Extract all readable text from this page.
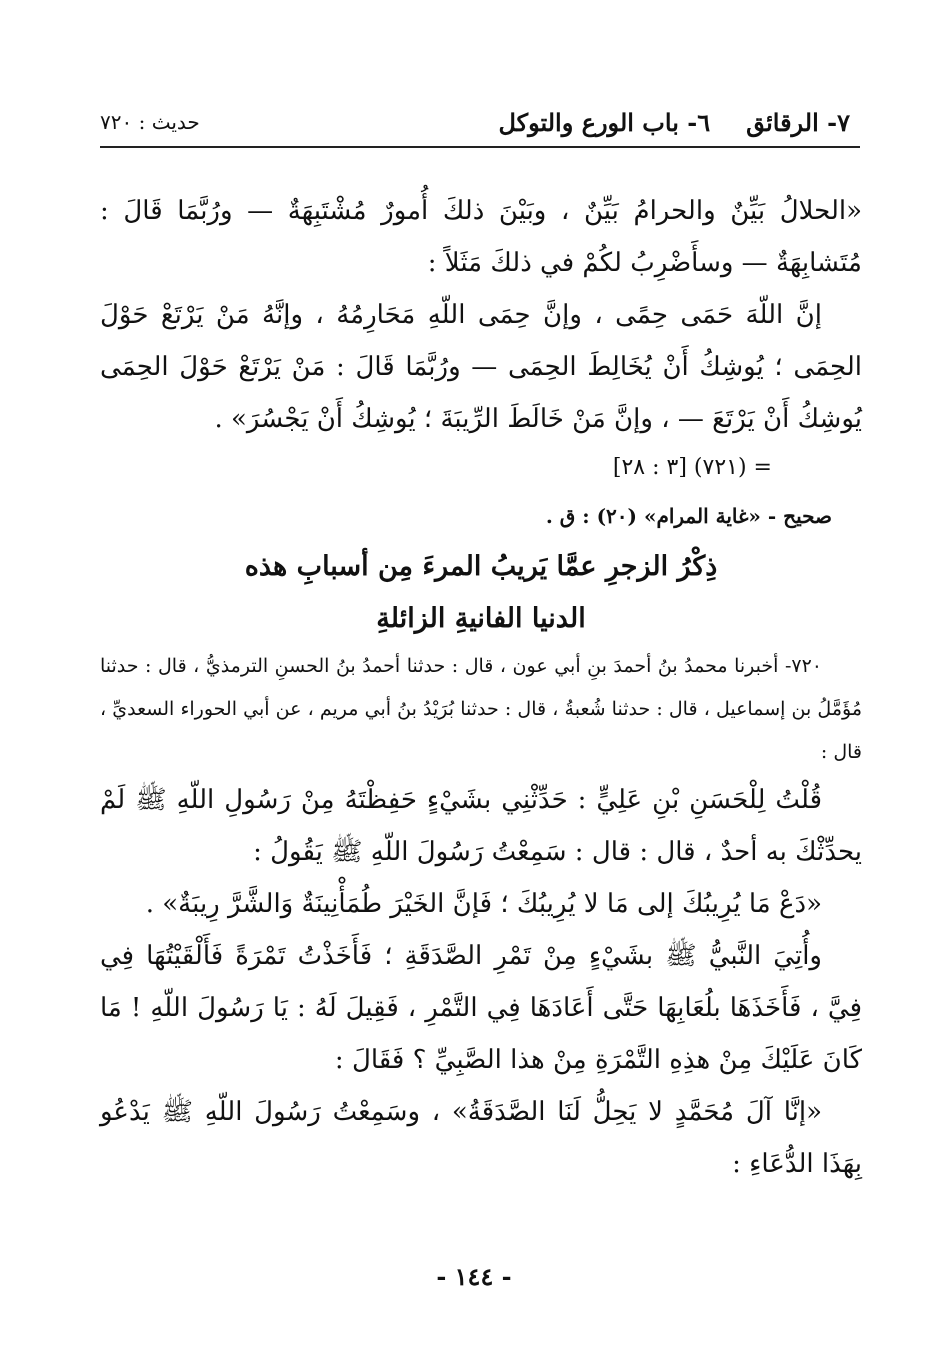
٧- الرقائق٦- باب الورع والتوكل
حديث : ٧٢٠

«الحلالُ بَيِّنٌ والحرامُ بَيِّنٌ ، وبَيْنَ ذلكَ أُمورٌ مُشْتَبِهَةٌ — ورُبَّمَا قَالَ : مُتَشابِهَةٌ — وسأَضْرِبُ لكُمْ في ذلكَ مَثَلاً :

إنَّ اللّهَ حَمَى حِمًى ، وإنَّ حِمَى اللّهِ مَحَارِمُهُ ، وإنَّهُ مَنْ يَرْتَعْ حَوْلَ الحِمَى ؛ يُوشِكُ أَنْ يُخَالِطَ الحِمَى — ورُبَّمَا قَالَ : مَنْ يَرْتَعْ حَوْلَ الحِمَى يُوشِكُ أَنْ يَرْتَعَ — ، وإنَّ مَنْ خَالَطَ الرِّيبَةَ ؛ يُوشِكُ أَنْ يَجْسُرَ» .

= (٧٢١) [٣ : ٢٨]

صحيح - «غاية المرام» (٢٠) : ق .

ذِكْرُ الزجرِ عمَّا يَريبُ المرءَ مِن أسبابِ هذه

الدنيا الفانيةِ الزائلةِ

٧٢٠- أخبرنا محمدُ بنُ أحمدَ بنِ أبي عون ، قال : حدثنا أحمدُ بنُ الحسنِ الترمذيُّ ، قال : حدثنا مُؤَمَّلُ بن إسماعيل ، قال : حدثنا شُعبةُ ، قال : حدثنا بُرَيْدُ بنُ أبي مريم ، عن أبي الحوراء السعديِّ ، قال :

قُلْتُ لِلْحَسَنِ بْنِ عَلِيٍّ : حَدِّثْنِي بشَيْءٍ حَفِظْتَهُ مِنْ رَسُولِ اللّهِ ﷺ لَمْ يحدِّثْكَ به أحدٌ ، قال : قال : سَمِعْتُ رَسُولَ اللّهِ ﷺ يَقُولُ :

«دَعْ مَا يُرِيبُكَ إلى مَا لا يُرِيبُكَ ؛ فَإنَّ الخَيْرَ طُمَأْنِينَةٌ وَالشَّرَّ رِيبَةٌ» .

وأُتِيَ النَّبيُّ ﷺ بشَيْءٍ مِنْ تَمْرِ الصَّدَقَةِ ؛ فَأَخَذْتُ تَمْرَةً فَأَلْقَيْتُهَا فِي فِيَّ ، فَأَخَذَهَا بلُعَابِهَا حَتَّى أَعَادَهَا فِي التَّمْرِ ، فَقِيلَ لَهُ : يَا رَسُولَ اللّهِ ! مَا كَانَ عَلَيْكَ مِنْ هذِهِ التَّمْرَةِ مِنْ هذا الصَّبِيِّ ؟ فَقَالَ :

«إنَّا آلَ مُحَمَّدٍ لا يَحِلُّ لَنَا الصَّدَقَةُ» ، وسَمِعْتُ رَسُولَ اللّهِ ﷺ يَدْعُو بِهَذَا الدُّعَاءِ :

- ١٤٤ -
